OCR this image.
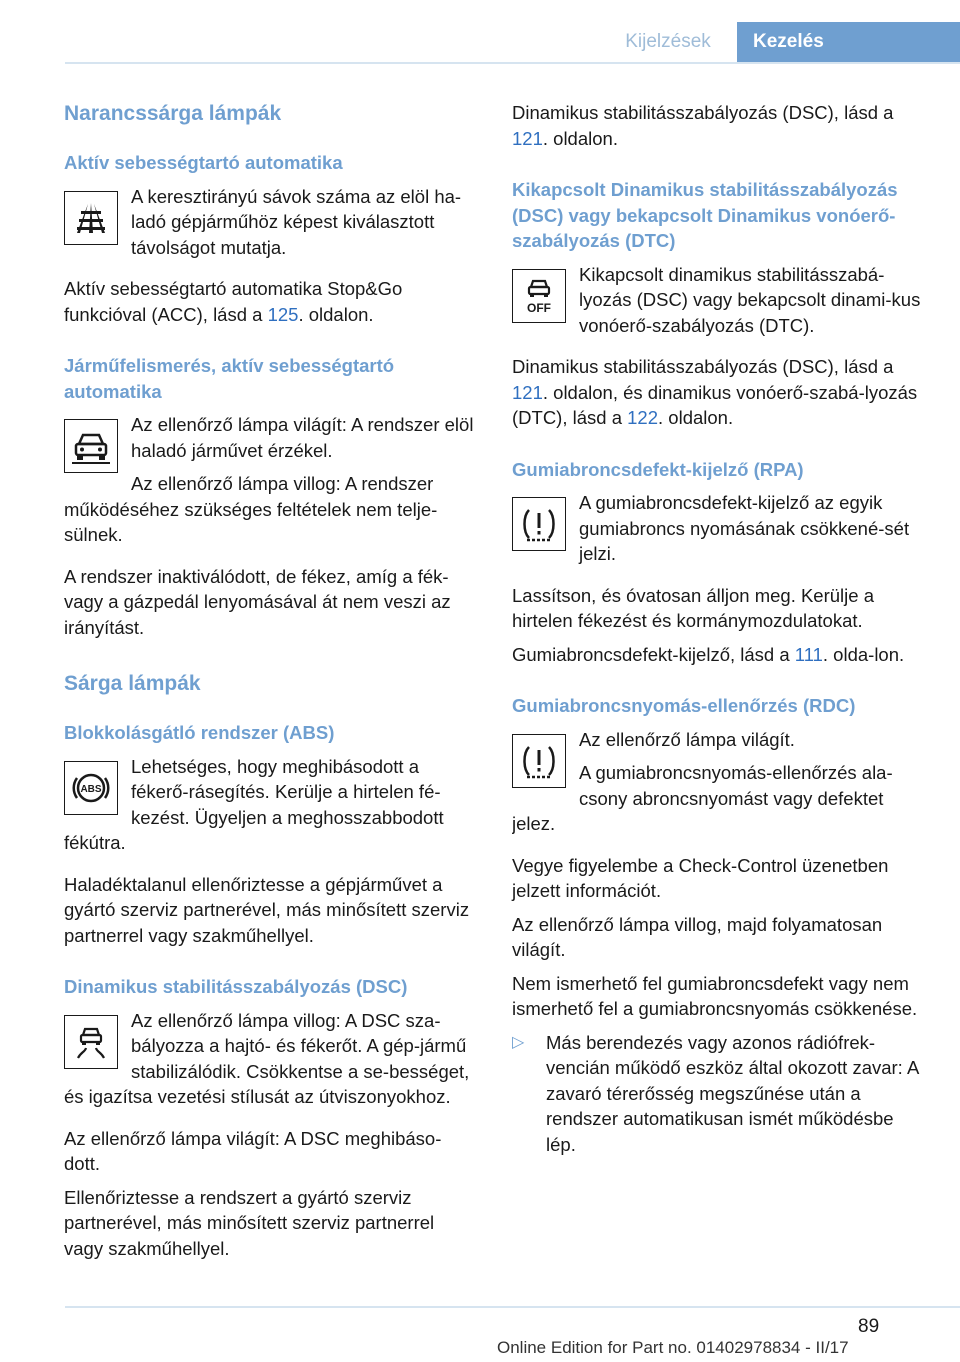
Kijelzések	Kezelés
Narancssárga lámpák
Aktív sebességtartó automatika

A keresztirányú sávok száma az elöl ha-ladó gépjárműhöz képest kiválasztott távolságot mutatja.

Aktív sebességtartó automatika Stop&Go funkcióval (ACC), lásd a 125. oldalon.

Járműfelismerés, aktív sebességtartó automatika

Az ellenőrző lámpa világít: A rendszer elöl haladó járművet érzékel.

Az ellenőrző lámpa villog: A rendszer működéséhez szükséges feltételek nem telje-sülnek.

A rendszer inaktiválódott, de fékez, amíg a fék- vagy a gázpedál lenyomásával át nem veszi az irányítást.

Sárga lámpák
Blokkolásgátló rendszer (ABS)
ABS

Lehetséges, hogy meghibásodott a fékerő-rásegítés. Kerülje a hirtelen fé-kezést. Ügyeljen a meghosszabbodott fékútra.

Haladéktalanul ellenőriztesse a gépjárművet a gyártó szerviz partnerével, más minősített szerviz partnerrel vagy szakműhellyel.

Dinamikus stabilitásszabályozás (DSC)

Az ellenőrző lámpa villog: A DSC sza-bályozza a hajtó- és fékerőt. A gép-jármű stabilizálódik. Csökkentse a se-bességet, és igazítsa vezetési stílusát az útviszonyokhoz.

Az ellenőrző lámpa világít: A DSC meghibáso-dott.

Ellenőriztesse a rendszert a gyártó szerviz partnerével, más minősített szerviz partnerrel vagy szakműhellyel.

Dinamikus stabilitásszabályozás (DSC), lásd a 121. oldalon.

Kikapcsolt Dinamikus stabilitásszabályozás (DSC) vagy bekapcsolt Dinamikus vonóerő-szabályozás (DTC)
OFF

Kikapcsolt dinamikus stabilitásszabá-lyozás (DSC) vagy bekapcsolt dinami-kus vonóerő-szabályozás (DTC).

Dinamikus stabilitásszabályozás (DSC), lásd a 121. oldalon, és dinamikus vonóerő-szabá-lyozás (DTC), lásd a 122. oldalon.

Gumiabroncsdefekt-kijelző (RPA)

A gumiabroncsdefekt-kijelző az egyik gumiabroncs nyomásának csökkené-sét jelzi.

Lassítson, és óvatosan álljon meg. Kerülje a hirtelen fékezést és kormánymozdulatokat.

Gumiabroncsdefekt-kijelző, lásd a 111. olda-lon.

Gumiabroncsnyomás-ellenőrzés (RDC)

Az ellenőrző lámpa világít.

A gumiabroncsnyomás-ellenőrzés ala-csony abroncsnyomást vagy defektet jelez.

Vegye figyelembe a Check-Control üzenetben jelzett információt.

Az ellenőrző lámpa villog, majd folyamatosan világít.

Nem ismerhető fel gumiabroncsdefekt vagy nem ismerhető fel a gumiabroncsnyomás csökkenése.

▷	Más berendezés vagy azonos rádiófrek-vencián működő eszköz által okozott zavar: A zavaró térerősség megszűnése után a rendszer automatikusan ismét működésbe lép.
89
Online Edition for Part no. 01402978834 - II/17
